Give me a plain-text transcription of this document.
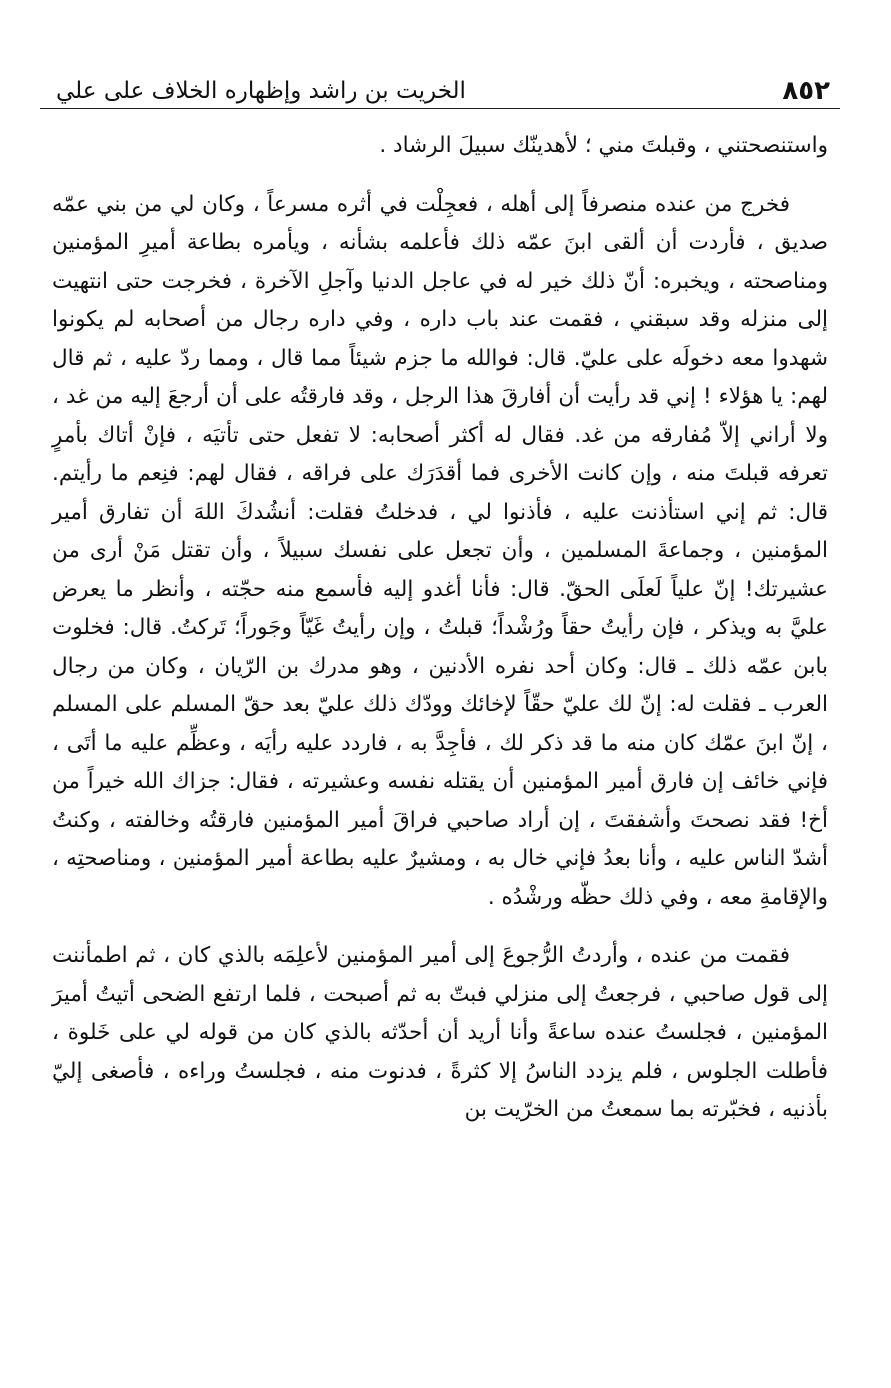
٨٥٢
الخريت بن راشد وإظهاره الخلاف على علي

واستنصحتني ، وقبلتَ مني ؛ لأهدينّك سبيلَ الرشاد .

فخرج من عنده منصرفاً إلى أهله ، فعجِلْت في أثره مسرعاً ، وكان لي من بني عمّه صديق ، فأردت أن ألقى ابنَ عمّه ذلك فأعلمه بشأنه ، ويأمره بطاعة أميرِ المؤمنين ومناصحته ، ويخبره: أنّ ذلك خير له في عاجل الدنيا وآجلِ الآخرة ، فخرجت حتى انتهيت إلى منزله وقد سبقني ، فقمت عند باب داره ، وفي داره رجال من أصحابه لم يكونوا شهدوا معه دخولَه على عليّ. قال: فوالله ما جزم شيئاً مما قال ، ومما ردّ عليه ، ثم قال لهم: يا هؤلاء ! إني قد رأيت أن أفارقَ هذا الرجل ، وقد فارقتُه على أن أرجعَ إليه من غد ، ولا أراني إلاّ مُفارقه من غد. فقال له أكثر أصحابه: لا تفعل حتى تأتيَه ، فإنْ أتاك بأمرٍ تعرفه قبلتَ منه ، وإن كانت الأخرى فما أقدَرَك على فراقه ، فقال لهم: فنِعم ما رأيتم. قال: ثم إني استأذنت عليه ، فأذنوا لي ، فدخلتُ فقلت: أنشُدكَ اللهَ أن تفارق أمير المؤمنين ، وجماعةَ المسلمين ، وأن تجعل على نفسك سبيلاً ، وأن تقتل مَنْ أرى من عشيرتك! إنّ علياً لَعلَى الحقّ. قال: فأنا أغدو إليه فأسمع منه حجّته ، وأنظر ما يعرض عليَّ به ويذكر ، فإن رأيتُ حقاً ورُشْداً؛ قبلتُ ، وإن رأيتُ غَيّاً وجَوراً؛ تَركتُ. قال: فخلوت بابن عمّه ذلك ـ قال: وكان أحد نفره الأدنين ، وهو مدرك بن الرّيان ، وكان من رجال العرب ـ فقلت له: إنّ لك عليّ حقّاً لإخائك وودّك ذلك عليّ بعد حقّ المسلم على المسلم ، إنّ ابنَ عمّك كان منه ما قد ذكر لك ، فأجِدَّ به ، فاردد عليه رأيَه ، وعظِّم عليه ما أتَى ، فإني خائف إن فارق أمير المؤمنين أن يقتله نفسه وعشيرته ، فقال: جزاك الله خيراً من أخ! فقد نصحتَ وأشفقتَ ، إن أراد صاحبي فراقَ أمير المؤمنين فارقتُه وخالفته ، وكنتُ أشدّ الناس عليه ، وأنا بعدُ فإني خال به ، ومشيرٌ عليه بطاعة أمير المؤمنين ، ومناصحتِه ، والإقامةِ معه ، وفي ذلك حظّه ورشْدُه .

فقمت من عنده ، وأردتُ الرُّجوعَ إلى أمير المؤمنين لأعلِمَه بالذي كان ، ثم اطمأننت إلى قول صاحبي ، فرجعتُ إلى منزلي فبتّ به ثم أصبحت ، فلما ارتفع الضحى أتيتُ أميرَ المؤمنين ، فجلستُ عنده ساعةً وأنا أريد أن أحدّثه بالذي كان من قوله لي على خَلوة ، فأطلت الجلوس ، فلم يزدد الناسُ إلا كثرةً ، فدنوت منه ، فجلستُ وراءه ، فأصغى إليّ بأذنيه ، فخبّرته بما سمعتُ من الخرّيت بن
